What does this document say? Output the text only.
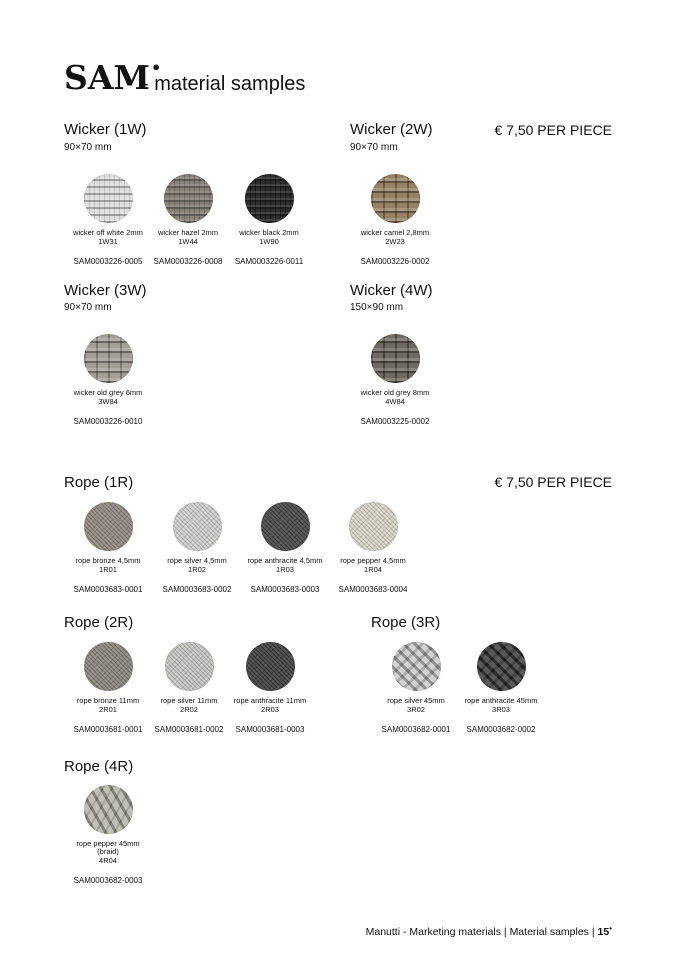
SAM•
- material samples
€ 7,50 PER PIECE
Wicker (1W)
90×70 mm
Wicker (2W)
90×70 mm
Wicker (3W)
90×70 mm
Wicker (4W)
150×90 mm
€ 7,50 PER PIECE
Rope (1R)
Rope (2R)	Rope (3R)
Rope (4R)
wicker off white 2mm
1W31
SAM0003226-0005
wicker hazel 2mm
1W44
SAM0003226-0008
wicker black 2mm
1W90
SAM0003226-0011
wicker camel 2,8mm
2W23
SAM0003226-0002
wicker old grey 6mm
3W84
SAM0003226-0010
wicker old grey 8mm
4W84
SAM0003225-0002
rope bronze 4,5mm
1R01
SAM0003683-0001
rope silver 4,5mm
1R02
SAM0003683-0002
rope anthracite 4,5mm
1R03
SAM0003683-0003
rope pepper 4,5mm
1R04
SAM0003683-0004
rope bronze 11mm
2R01
SAM0003681-0001
rope silver 11mm
2R02
SAM0003681-0002
rope anthracite 11mm
2R03
SAM0003681-0003
rope silver 45mm
3R02
SAM0003682-0001
rope anthracite 45mm
3R03
SAM0003682-0002
rope pepper 45mm (braid)
4R04
SAM0003682-0003
Manutti - Marketing materials | Material samples | 15•
